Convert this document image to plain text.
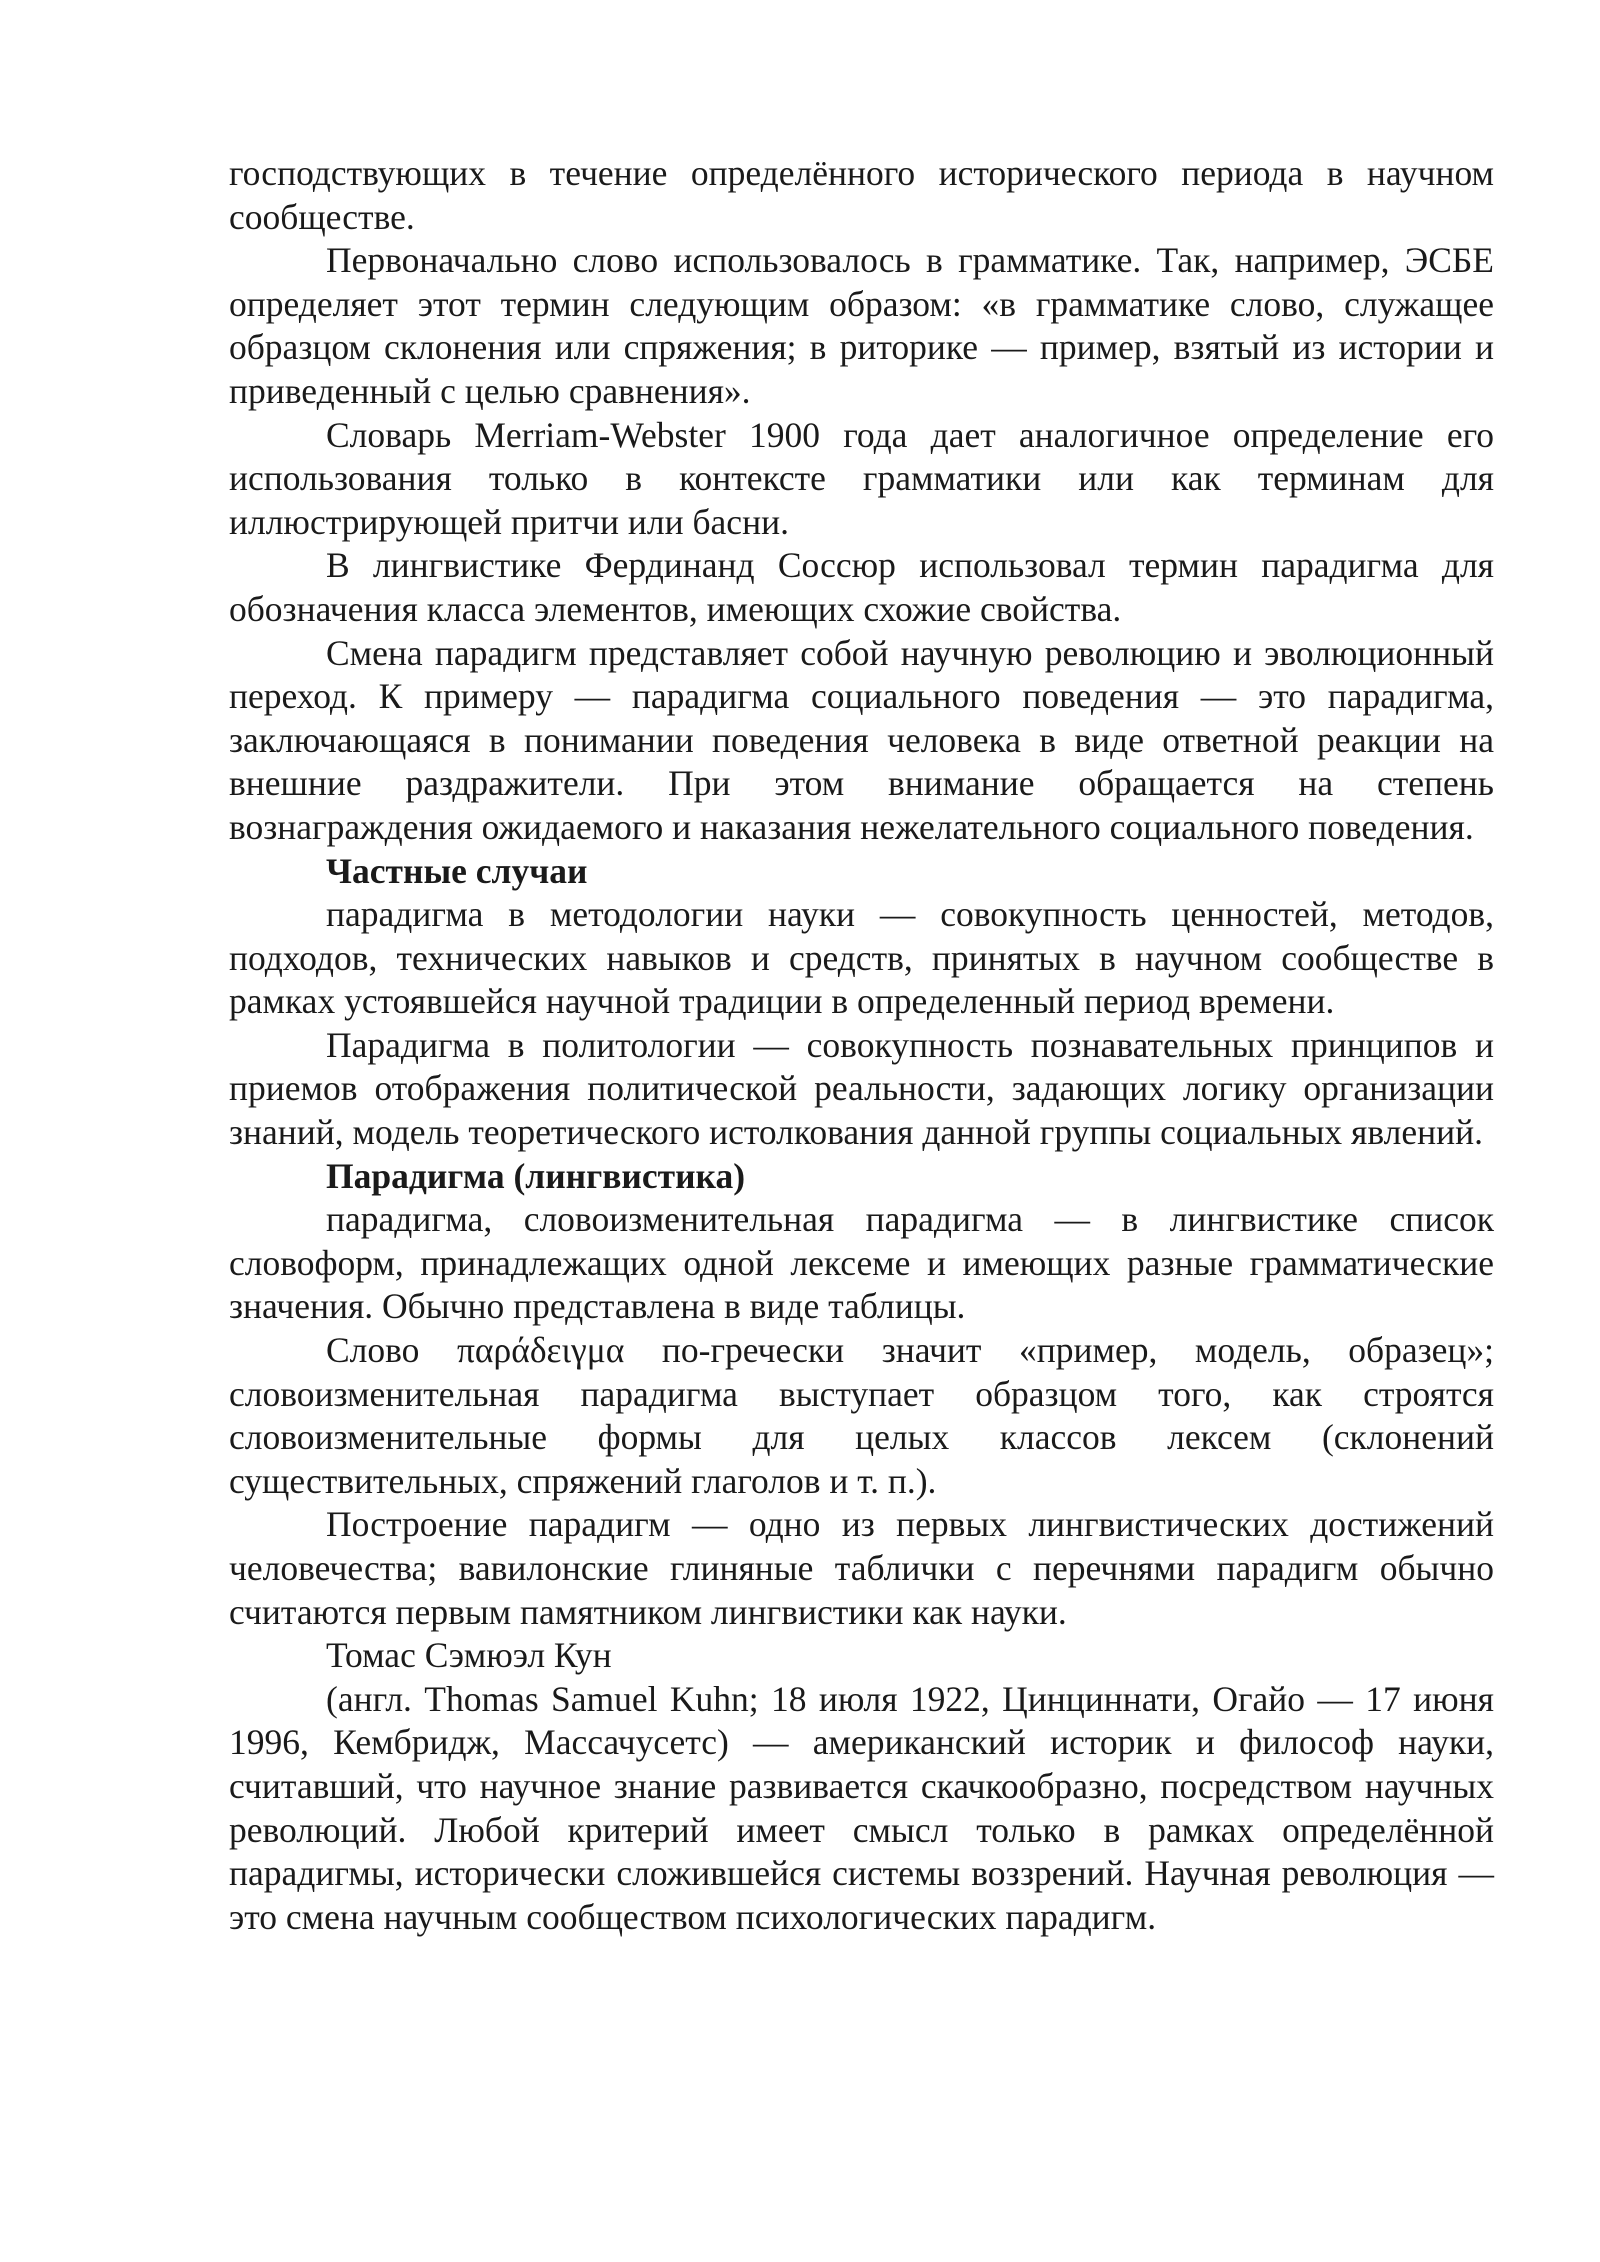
господствующих в течение определённого исторического периода в научном сообществе.

Первоначально слово использовалось в грамматике. Так, например, ЭСБЕ определяет этот термин следующим образом: «в грамматике слово, служащее образцом склонения или спряжения; в риторике — пример, взятый из истории и приведенный с целью сравнения».

Словарь Merriam-Webster 1900 года дает аналогичное определение его использования только в контексте грамматики или как терминам для иллюстрирующей притчи или басни.

В лингвистике Фердинанд Соссюр использовал термин парадигма для обозначения класса элементов, имеющих схожие свойства.

Смена парадигм представляет собой научную революцию и эволюционный переход. К примеру — парадигма социального поведения — это парадигма, заключающаяся в понимании поведения человека в виде ответной реакции на внешние раздражители. При этом внимание обращается на степень вознаграждения ожидаемого и наказания нежелательного социального поведения.

Частные случаи

парадигма в методологии науки — совокупность ценностей, методов, подходов, технических навыков и средств, принятых в научном сообществе в рамках устоявшейся научной традиции в определенный период времени.

Парадигма в политологии — совокупность познавательных принципов и приемов отображения политической реальности, задающих логику организации знаний, модель теоретического истолкования данной группы социальных явлений.

Парадигма (лингвистика)

парадигма, словоизменительная парадигма — в лингвистике список словоформ, принадлежащих одной лексеме и имеющих разные грамматические значения. Обычно представлена в виде таблицы.

Слово παράδειγμα по-гречески значит «пример, модель, образец»; словоизменительная парадигма выступает образцом того, как строятся словоизменительные формы для целых классов лексем (склонений существительных, спряжений глаголов и т. п.).

Построение парадигм — одно из первых лингвистических достижений человечества; вавилонские глиняные таблички с перечнями парадигм обычно считаются первым памятником лингвистики как науки.

Томас Сэмюэл Кун

(англ. Thomas Samuel Kuhn; 18 июля 1922, Цинциннати, Огайо — 17 июня 1996, Кембридж, Массачусетс) — американский историк и философ науки, считавший, что научное знание развивается скачкообразно, посредством научных революций. Любой критерий имеет смысл только в рамках определённой парадигмы, исторически сложившейся системы воззрений. Научная революция — это смена научным сообществом психологических парадигм.
